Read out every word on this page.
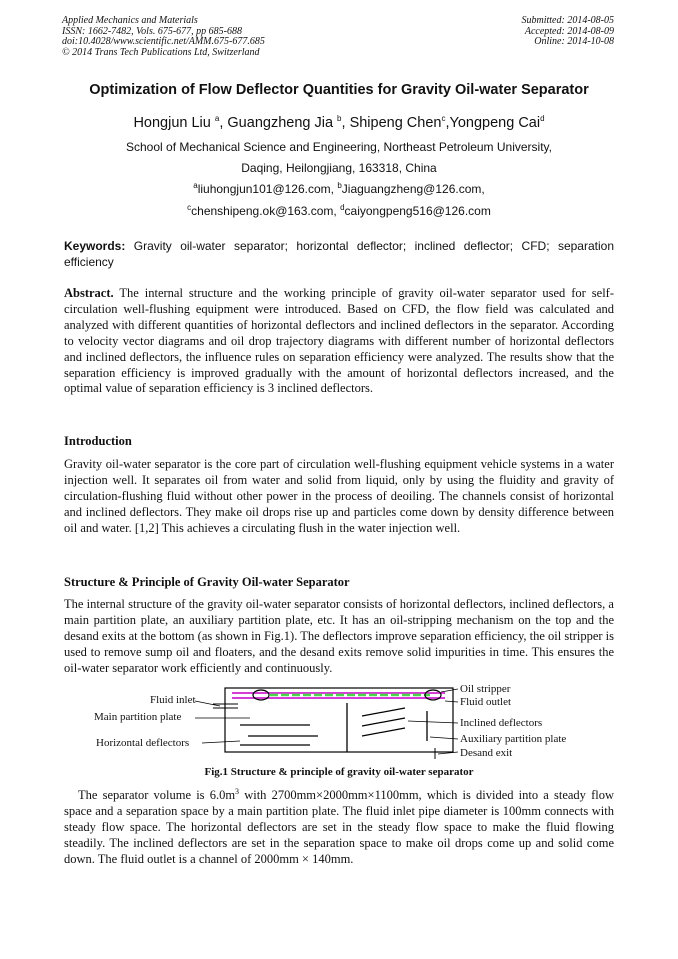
Applied Mechanics and Materials
ISSN: 1662-7482, Vols. 675-677, pp 685-688
doi:10.4028/www.scientific.net/AMM.675-677.685
© 2014 Trans Tech Publications Ltd, Switzerland
Submitted: 2014-08-05
Accepted: 2014-08-09
Online: 2014-10-08
Optimization of Flow Deflector Quantities for Gravity Oil-water Separator
Hongjun Liu $^a$, Guangzheng Jia $^b$, Shipeng Chen$^c$,Yongpeng Cai$^d$
School of Mechanical Science and Engineering, Northeast Petroleum University,
Daqing, Heilongjiang, 163318, China
$^a$liuhongjun101@126.com, $^b$Jiaguangzheng@126.com,
$^c$chenshipeng.ok@163.com, $^d$caiyongpeng516@126.com
Keywords: Gravity oil-water separator; horizontal deflector; inclined deflector; CFD; separation efficiency
Abstract. The internal structure and the working principle of gravity oil-water separator used for self-circulation well-flushing equipment were introduced. Based on CFD, the flow field was calculated and analyzed with different quantities of horizontal deflectors and inclined deflectors in the separator. According to velocity vector diagrams and oil drop trajectory diagrams with different number of horizontal deflectors and inclined deflectors, the influence rules on separation efficiency were analyzed. The results show that the separation efficiency is improved gradually with the amount of horizontal deflectors increased, and the optimal value of separation efficiency is 3 inclined deflectors.
Introduction
Gravity oil-water separator is the core part of circulation well-flushing equipment vehicle systems in a water injection well. It separates oil from water and solid from liquid, only by using the fluidity and gravity of circulation-flushing fluid without other power in the process of deoiling. The channels consist of horizontal and inclined deflectors. They make oil drops rise up and particles come down by density difference between oil and water. [1,2] This achieves a circulating flush in the water injection well.
Structure & Principle of Gravity Oil-water Separator
The internal structure of the gravity oil-water separator consists of horizontal deflectors, inclined deflectors, a main partition plate, an auxiliary partition plate, etc. It has an oil-stripping mechanism on the top and the desand exits at the bottom (as shown in Fig.1). The deflectors improve separation efficiency, the oil stripper is used to remove sump oil and floaters, and the desand exits remove solid impurities in time. This ensures the oil-water separator work efficiently and continuously.
Fluid inlet
Main partition plate
Horizontal deflectors
Oil stripper
Fluid outlet
Inclined deflectors
Auxiliary partition plate
Desand exit
Fig.1 Structure & principle of gravity oil-water separator
The separator volume is $6.0m^3$ with 2700mm×2000mm×1100mm, which is divided into a steady flow space and a separation space by a main partition plate. The fluid inlet pipe diameter is 100mm connects with steady flow space. The horizontal deflectors are set in the steady flow space to make the fluid flowing steadily. The inclined deflectors are set in the separation space to make oil drops come up and solid come down. The fluid outlet is a channel of 2000mm × 140mm.
